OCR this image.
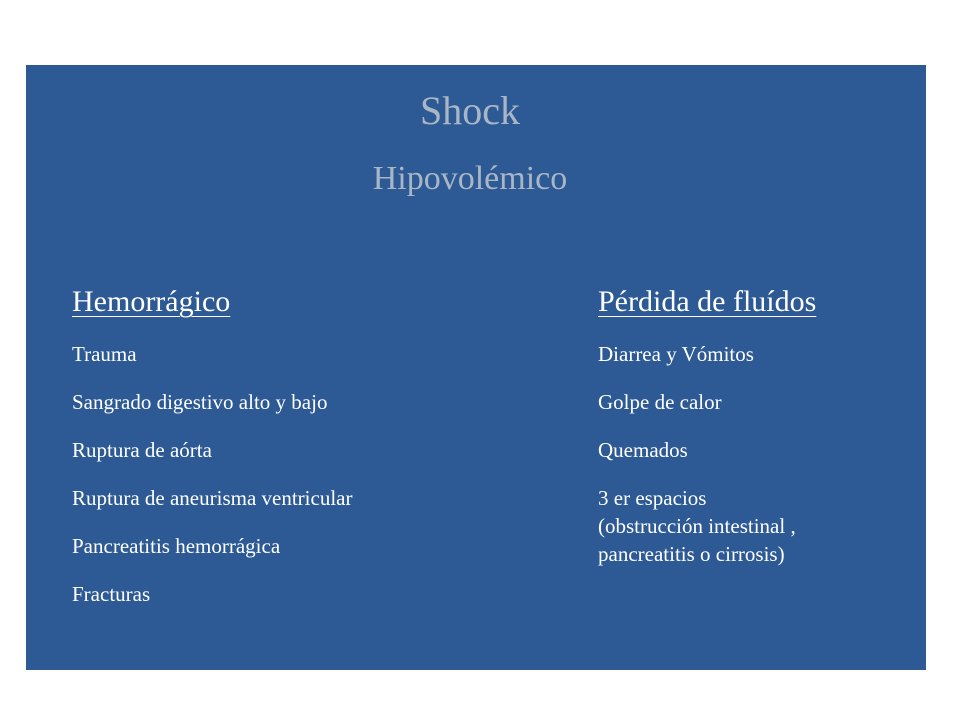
Shock
Hipovolémico
Hemorrágico
Trauma
Sangrado digestivo alto y bajo
Ruptura de aórta
Ruptura de aneurisma ventricular
Pancreatitis hemorrágica
Fracturas
Pérdida de fluídos
Diarrea y Vómitos
Golpe de calor
Quemados
3 er espacios
(obstrucción intestinal ,
pancreatitis o cirrosis)
